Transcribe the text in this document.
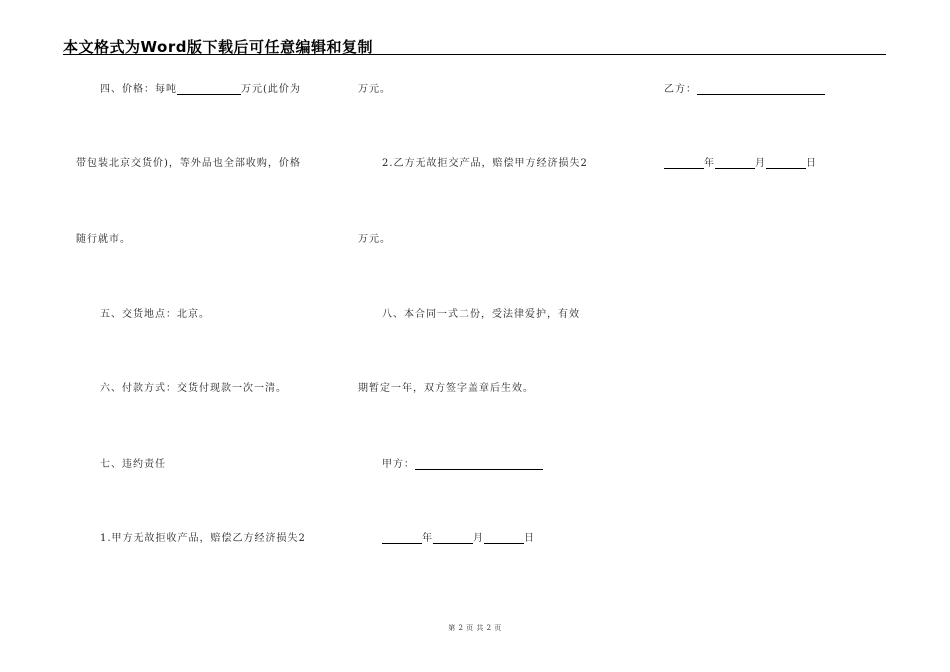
本文格式为Word版下载后可任意编辑和复制
四、价格：每吨	万元(此价为
带包装北京交货价)，等外品也全部收购，价格
随行就市。
五、交货地点：北京。
六、付款方式：交货付现款一次一清。
七、违约责任
1.甲方无故拒收产品，赔偿乙方经济损失2
万元。
2.乙方无故拒交产品，赔偿甲方经济损失2
万元。
八、本合同一式二份，受法律爱护，有效
期暂定一年，双方签字盖章后生效。
甲方：
年	月	日
乙方：
年	月	日
第 2 页 共 2 页
